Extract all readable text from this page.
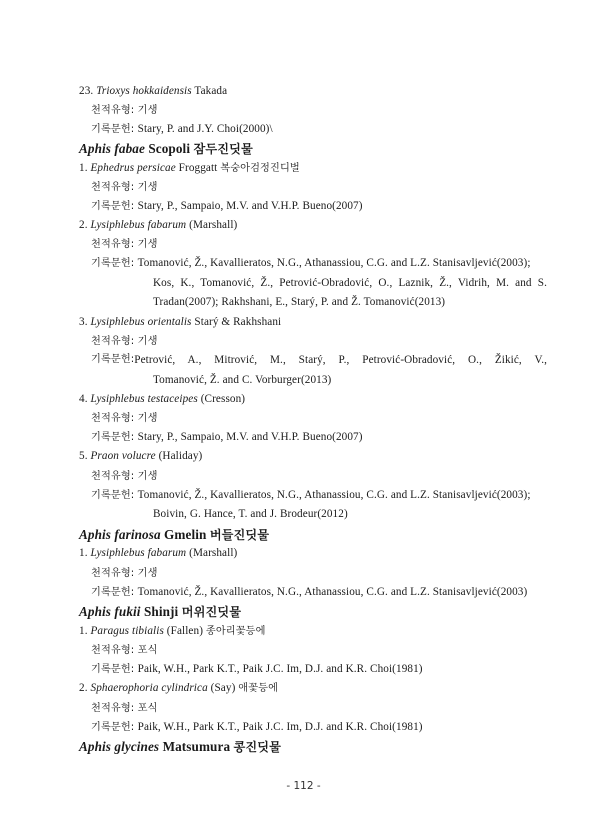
23. Trioxys hokkaidensis Takada
천적유형: 기생
기록문헌: Stary, P. and J.Y. Choi(2000)\
Aphis fabae Scopoli 잠두진딧물
1. Ephedrus persicae Froggatt 복숭아검정진디벌
천적유형: 기생
기록문헌: Stary, P., Sampaio, M.V. and V.H.P. Bueno(2007)
2. Lysiphlebus fabarum (Marshall)
천적유형: 기생
기록문헌: Tomanović, Ž., Kavallieratos, N.G., Athanassiou, C.G. and L.Z. Stanisavljević(2003);
Kos, K., Tomanović, Ž., Petrović-Obradović, O., Laznik, Ž., Vidrih, M. and S.
Tradan(2007); Rakhshani, E., Starý, P. and Ž. Tomanović(2013)
3. Lysiphlebus orientalis Starý & Rakhshani
천적유형: 기생
기록문헌: Petrović, A., Mitrović, M., Starý, P., Petrović-Obradović, O., Žikić, V.,
Tomanović, Ž. and C. Vorburger(2013)
4. Lysiphlebus testaceipes (Cresson)
천적유형: 기생
기록문헌: Stary, P., Sampaio, M.V. and V.H.P. Bueno(2007)
5. Praon volucre (Haliday)
천적유형: 기생
기록문헌: Tomanović, Ž., Kavallieratos, N.G., Athanassiou, C.G. and L.Z. Stanisavljević(2003);
Boivin, G. Hance, T. and J. Brodeur(2012)
Aphis farinosa Gmelin 버들진딧물
1. Lysiphlebus fabarum (Marshall)
천적유형: 기생
기록문헌: Tomanović, Ž., Kavallieratos, N.G., Athanassiou, C.G. and L.Z. Stanisavljević(2003)
Aphis fukii Shinji 머위진딧물
1. Paragus tibialis (Fallen) 종아리꽃등에
천적유형: 포식
기록문헌: Paik, W.H., Park K.T., Paik J.C. Im, D.J. and K.R. Choi(1981)
2. Sphaerophoria cylindrica (Say) 애꽃등에
천적유형: 포식
기록문헌: Paik, W.H., Park K.T., Paik J.C. Im, D.J. and K.R. Choi(1981)
Aphis glycines Matsumura 콩진딧물
- 112 -
